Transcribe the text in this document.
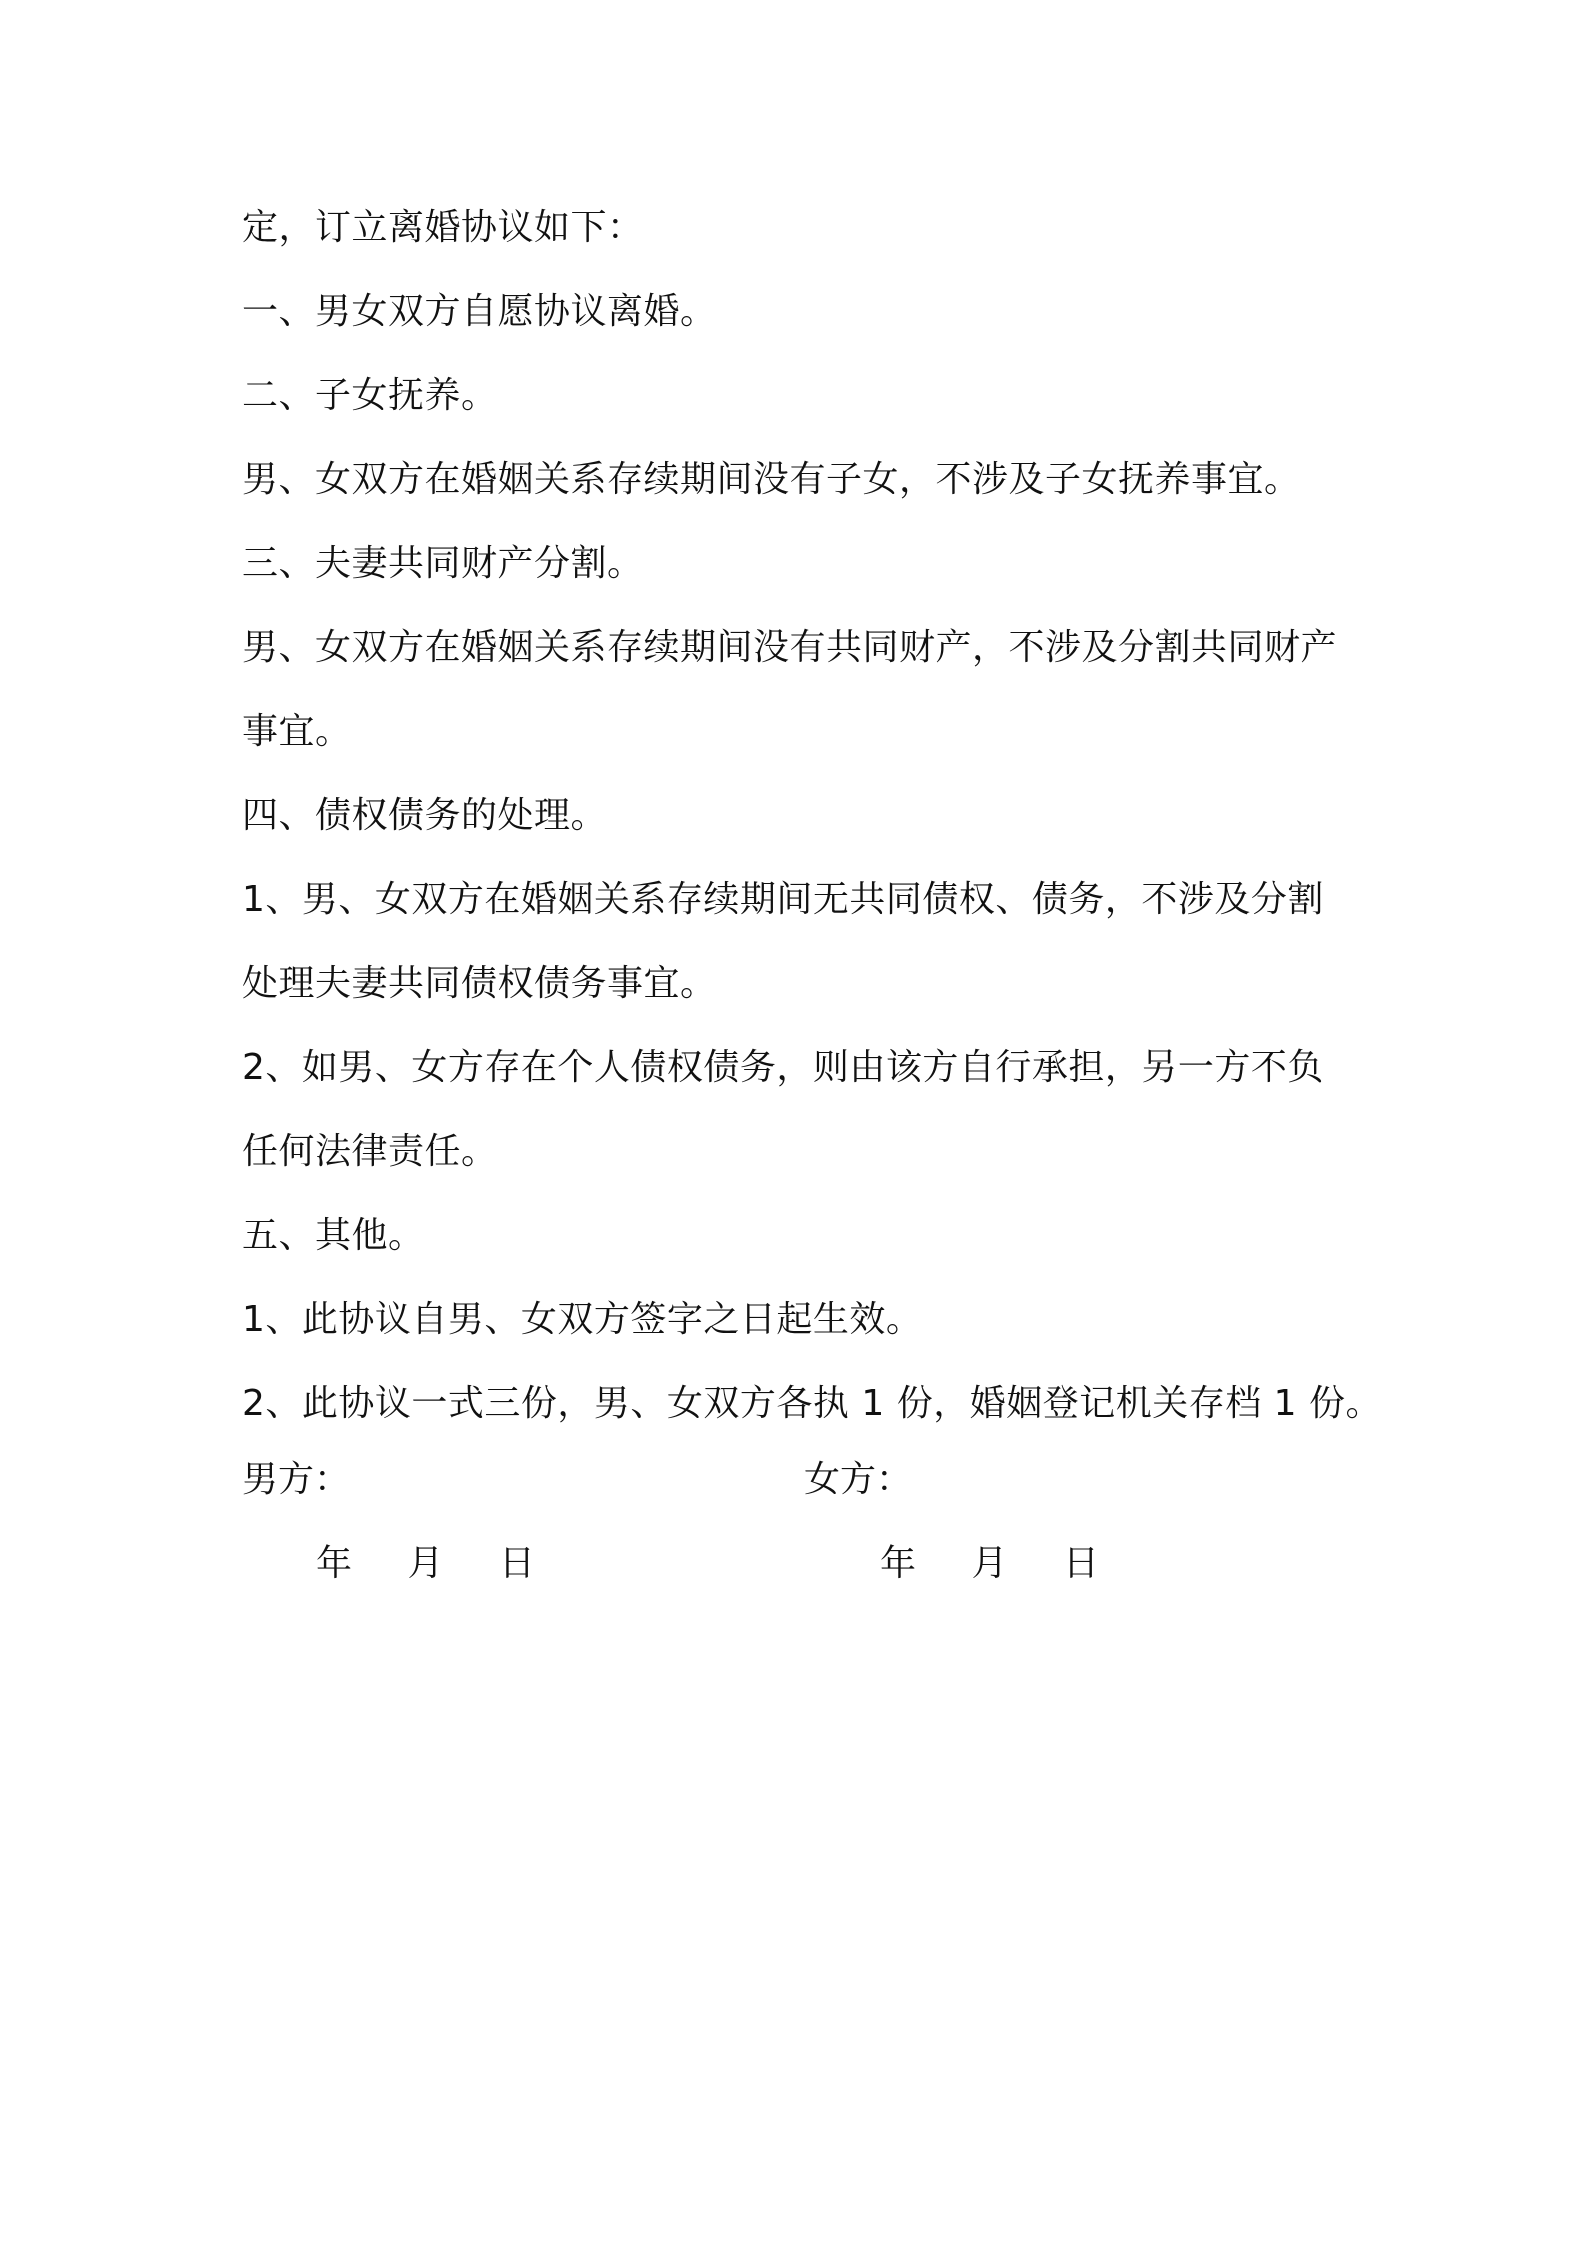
定，订立离婚协议如下：
一、男女双方自愿协议离婚。
二、子女抚养。
男、女双方在婚姻关系存续期间没有子女，不涉及子女抚养事宜。
三、夫妻共同财产分割。
男、女双方在婚姻关系存续期间没有共同财产，不涉及分割共同财产
事宜。
四、债权债务的处理。
1、男、女双方在婚姻关系存续期间无共同债权、债务，不涉及分割
处理夫妻共同债权债务事宜。
2、如男、女方存在个人债权债务，则由该方自行承担，另一方不负
任何法律责任。
五、其他。
1、此协议自男、女双方签字之日起生效。
2、此协议一式三份，男、女双方各执 1 份，婚姻登记机关存档 1 份。
男方：	女方：
年 月 日	年 月 日
